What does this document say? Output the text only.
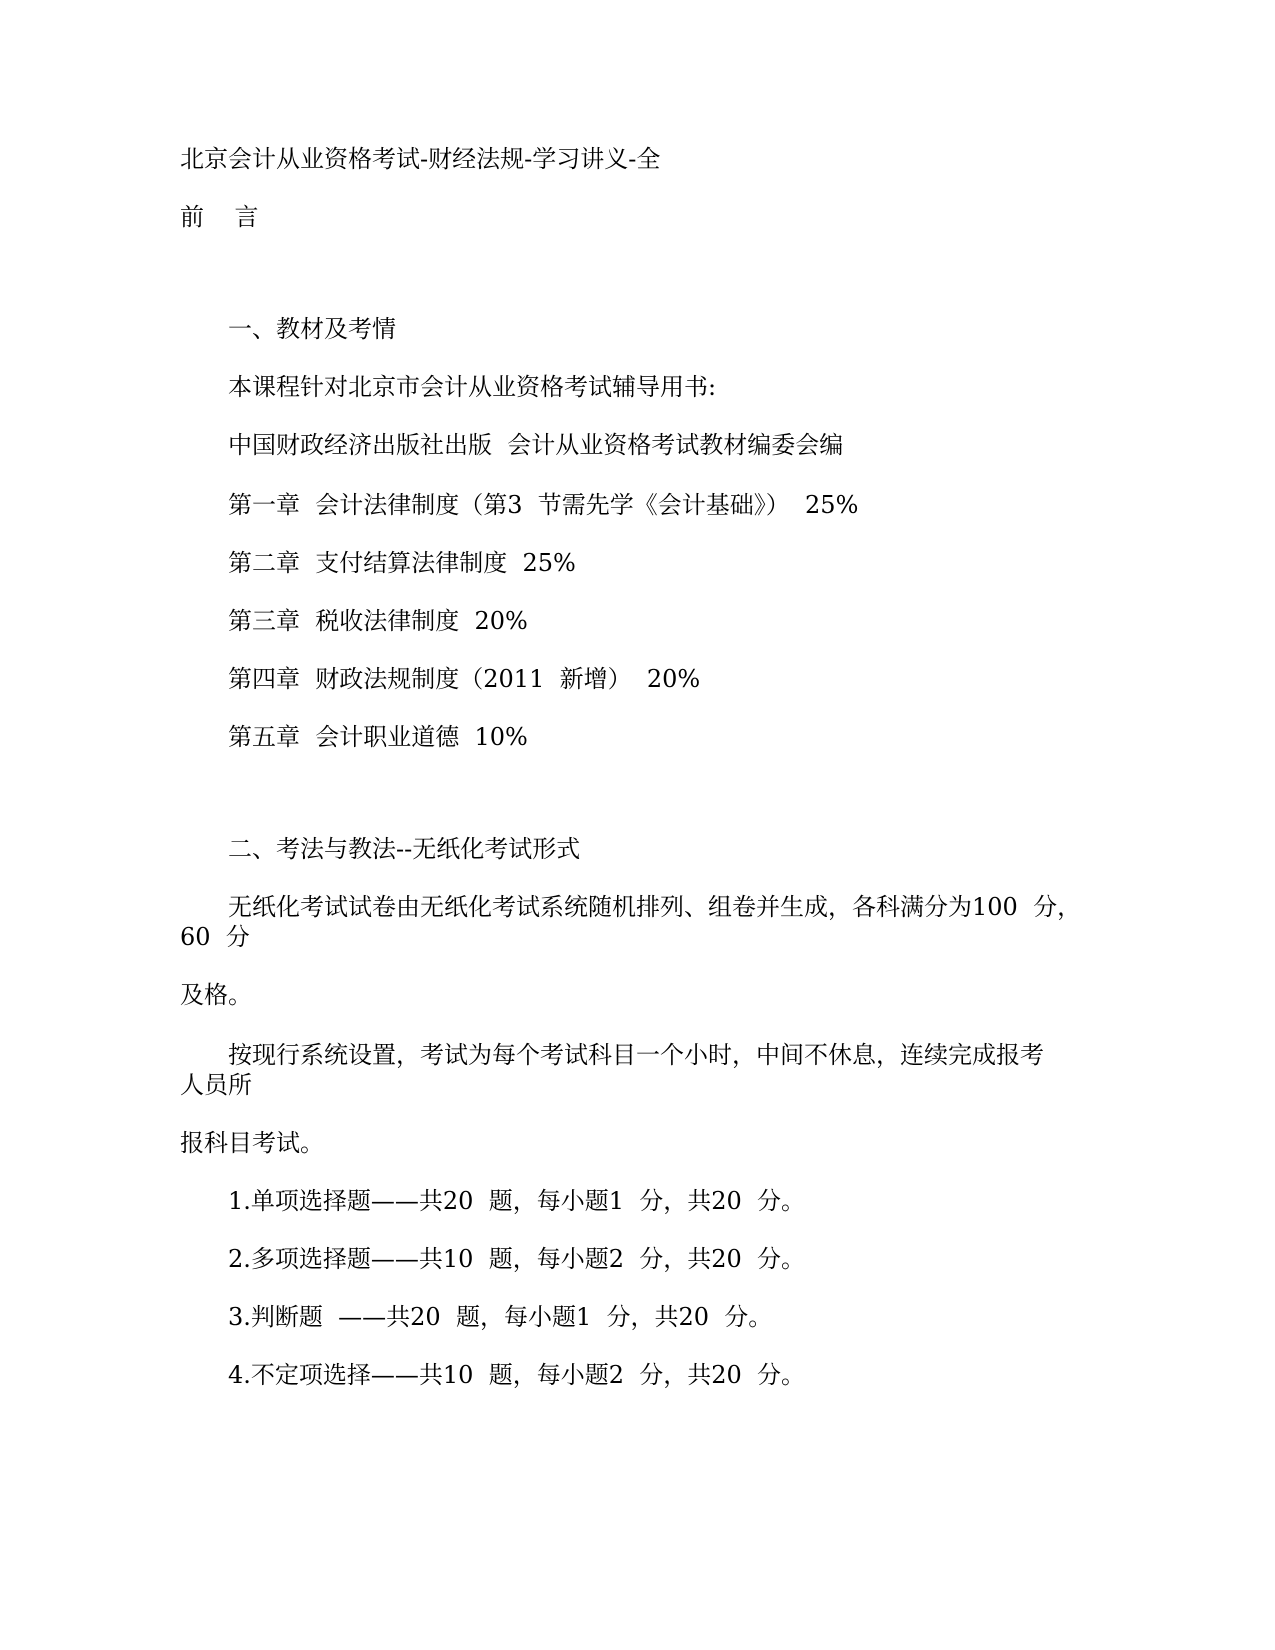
北京会计从业资格考试-财经法规-学习讲义-全

前    言

一、教材及考情

本课程针对北京市会计从业资格考试辅导用书:

中国财政经济出版社出版  会计从业资格考试教材编委会编

第一章  会计法律制度（第3  节需先学《会计基础》）  25%

第二章  支付结算法律制度  25%

第三章  税收法律制度  20%

第四章  财政法规制度（2011  新增）  20%

第五章  会计职业道德  10%

二、考法与教法--无纸化考试形式

无纸化考试试卷由无纸化考试系统随机排列、组卷并生成，各科满分为100  分，

60  分

及格。

按现行系统设置，考试为每个考试科目一个小时，中间不休息，连续完成报考

人员所

报科目考试。

1.单项选择题——共20  题，每小题1  分，共20  分。

2.多项选择题——共10  题，每小题2  分，共20  分。

3.判断题  ——共20  题，每小题1  分，共20  分。

4.不定项选择——共10  题，每小题2  分，共20  分。
